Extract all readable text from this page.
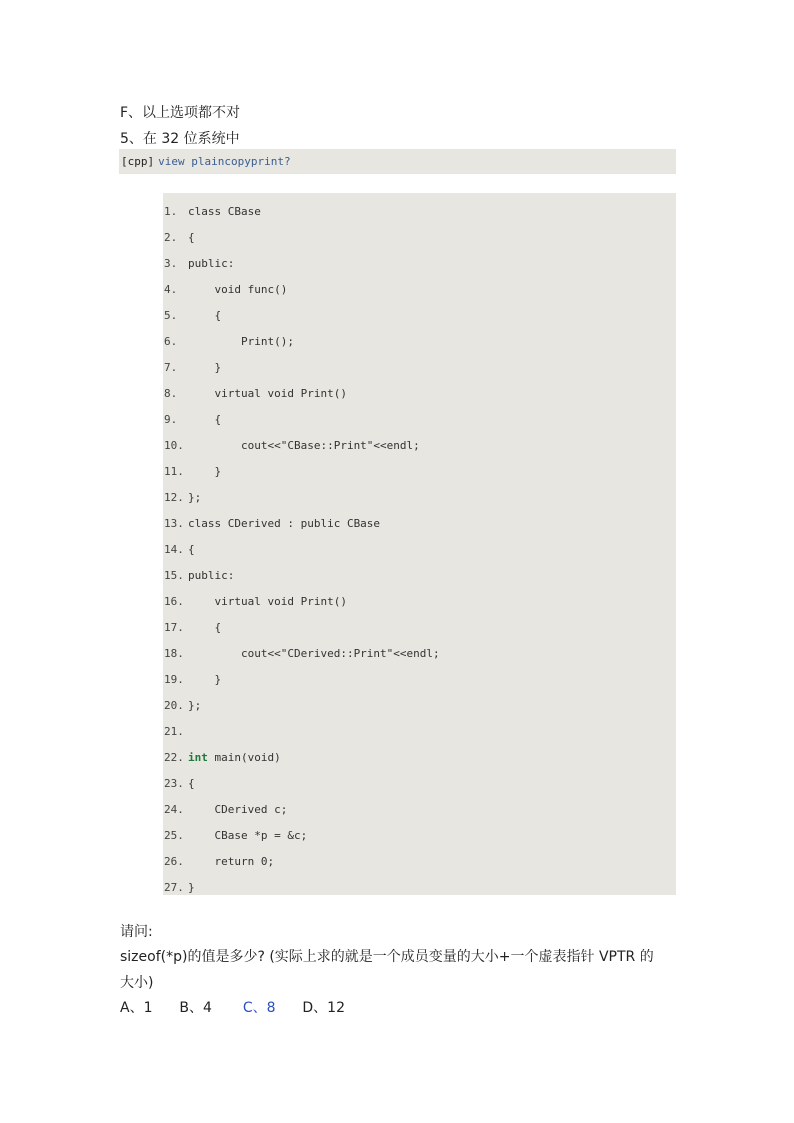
F、以上选项都不对
5、在 32 位系统中
[cpp] view plaincopyprint?
1. class CBase
2. {
3. public:
4.    void func()
5.    {
6.        Print();
7.    }
8.    virtual void Print()
9.    {
10.        cout<<"CBase::Print"<<endl;
11.    }
12. };
13. class CDerived : public CBase
14. {
15. public:
16.    virtual void Print()
17.    {
18.        cout<<"CDerived::Print"<<endl;
19.    }
20. };
21.
22. int main(void)
23. {
24.    CDerived c;
25.    CBase *p = &c;
26.    return 0;
27. }
请问:
sizeof(*p)的值是多少? (实际上求的就是一个成员变量的大小+一个虚表指针 VPTR 的
大小)
A、1 B、4 C、8 D、12
